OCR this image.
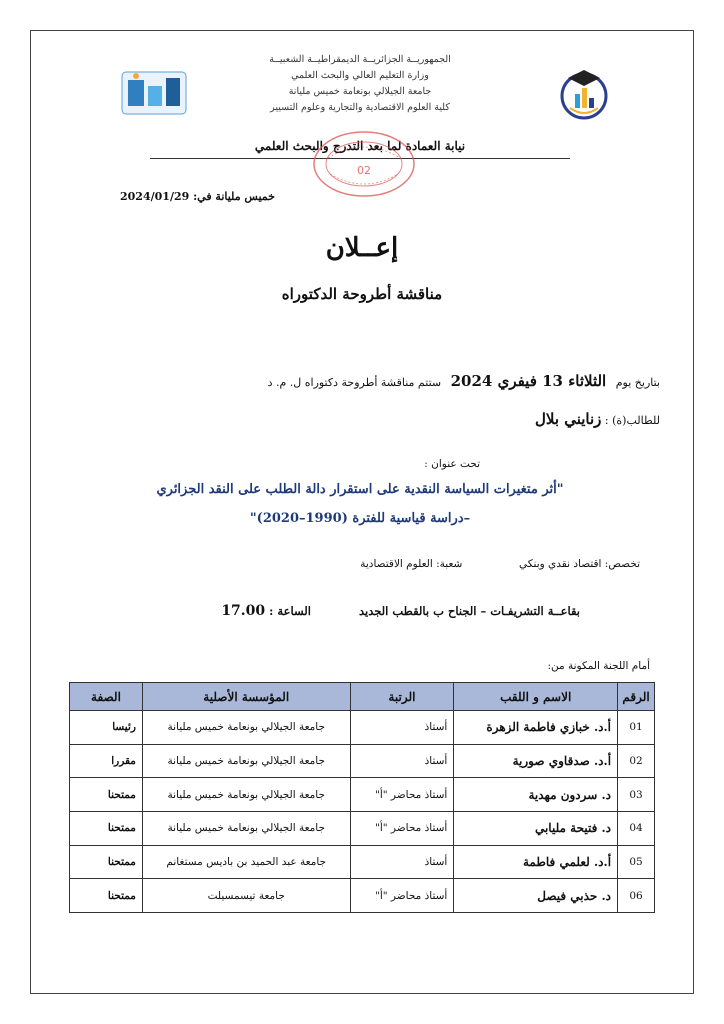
الجمهوريــة الجزائريــة الديمقراطيــة الشعبيــة
وزارة التعليم العالي والبحث العلمي
جامعة الجيلالي بونعامة خميس مليانة
كلية العلوم الاقتصادية والتجارية وعلوم التسيير
نيابة العمادة لما بعد التدرج والبحث العلمي
02
خميس مليانة في: 2024/01/29
إعــلان
مناقشة أطروحة الدكتوراه
بتاريخ يوم الثلاثاء 13 فيفري 2024 ستتم مناقشة أطروحة دكتوراه ل. م. د
للطالب(ة) : زنايني بلال
تحت عنوان :
"أثر متغيرات السياسة النقدية على استقرار دالة الطلب على النقد الجزائري
–دراسة قياسية للفترة (1990–2020)"
تخصص: اقتصاد نقدي وبنكي  شعبة: العلوم الاقتصادية
بقاعــة التشريفـات – الجناح ب بالقطب الجديد  الساعة : 17.00
أمام اللجنة المكونة من:
الرقم	الاسم و اللقب	الرتبة	المؤسسة الأصلية	الصفة
01	أ.د. خبازي فاطمة الزهرة	أستاذ	جامعة الجيلالي بونعامة خميس مليانة	رئيسا
02	أ.د. صدقاوي صورية	أستاذ	جامعة الجيلالي بونعامة خميس مليانة	مقررا
03	د. سردون مهدية	أستاذ محاضر "أ"	جامعة الجيلالي بونعامة خميس مليانة	ممتحنا
04	د. فتيحة مليابي	أستاذ محاضر "أ"	جامعة الجيلالي بونعامة خميس مليانة	ممتحنا
05	أ.د. لعلمي فاطمة	أستاذ	جامعة عبد الحميد بن باديس مستغانم	ممتحنا
06	د. حذبي فيصل	أستاذ محاضر "أ"	جامعة تيسمسيلت	ممتحنا
